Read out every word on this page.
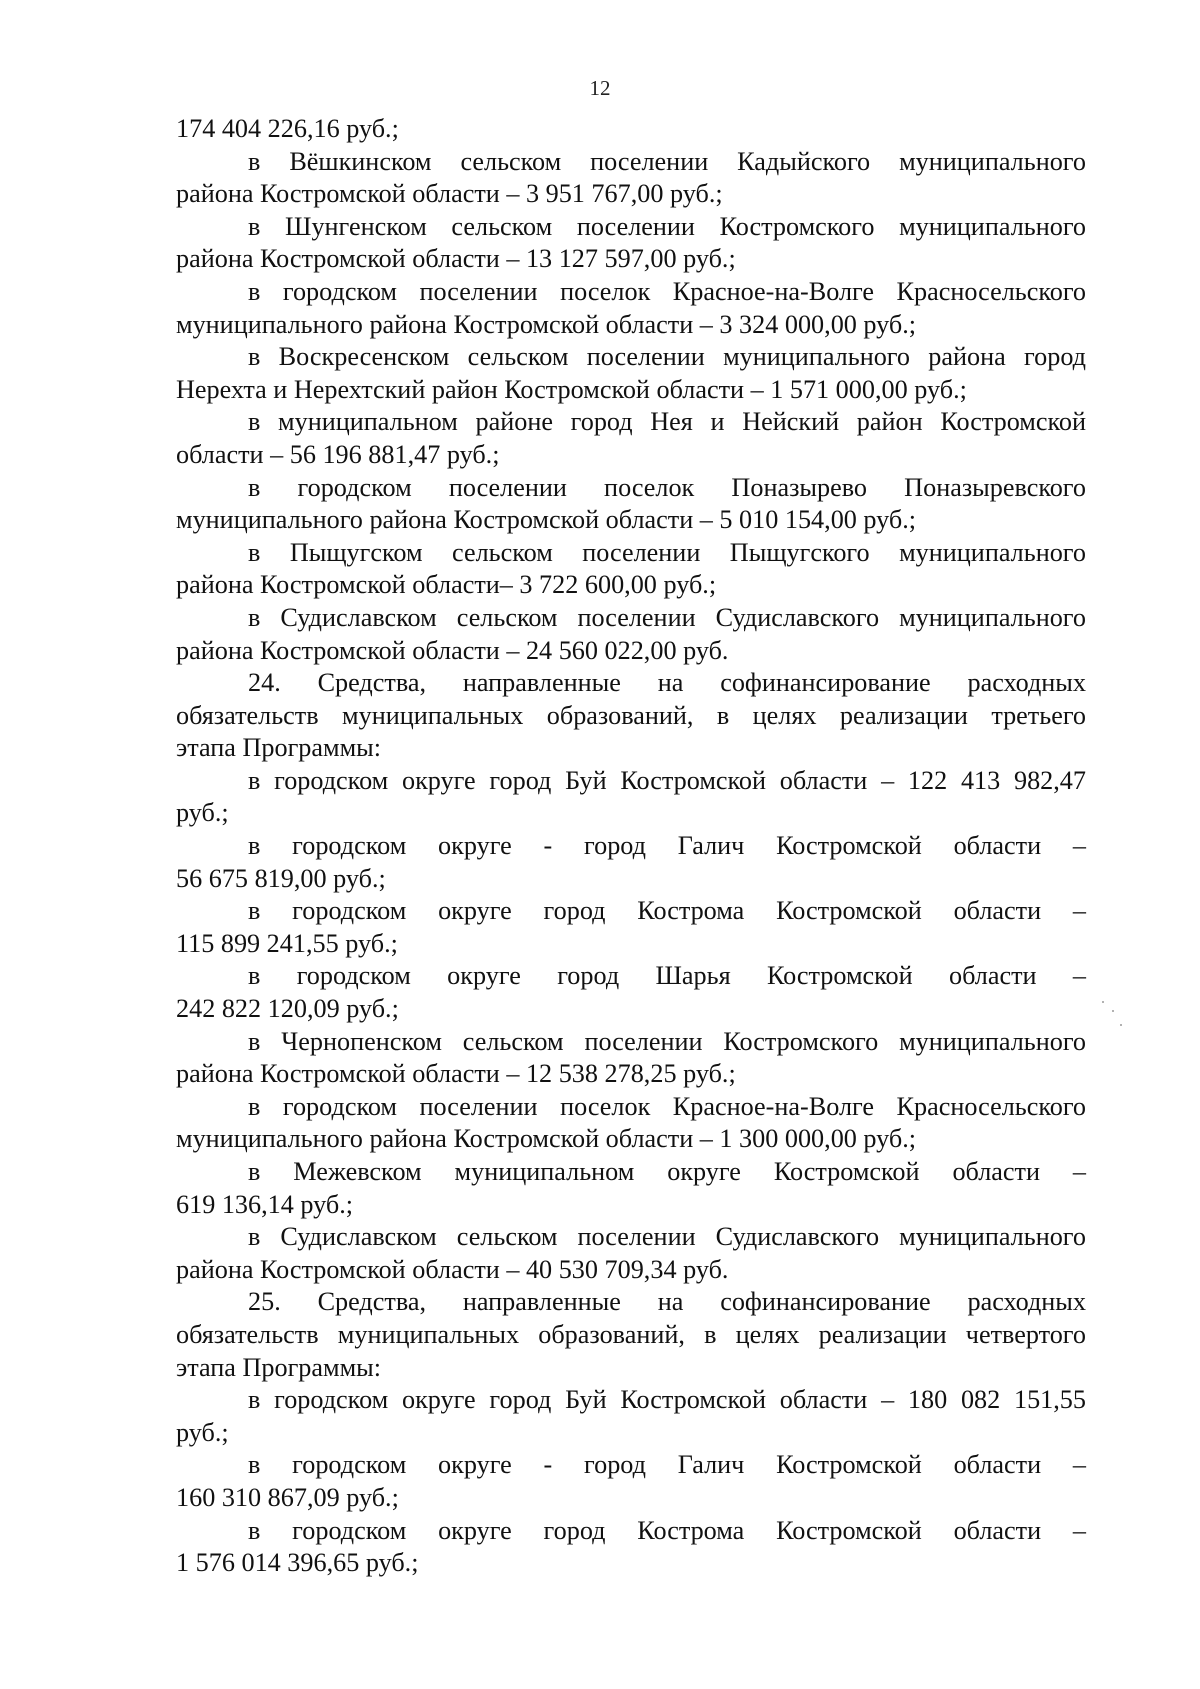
12
174 404 226,16 руб.;
в Вёшкинском сельском поселении Кадыйского муниципального
района Костромской области – 3 951 767,00 руб.;
в Шунгенском сельском поселении Костромского муниципального
района Костромской области – 13 127 597,00 руб.;
в городском поселении поселок Красное-на-Волге Красносельского
муниципального района Костромской области – 3 324 000,00 руб.;
в Воскресенском сельском поселении муниципального района город
Нерехта и Нерехтский район Костромской области – 1 571 000,00 руб.;
в муниципальном районе город Нея и Нейский район Костромской
области – 56 196 881,47 руб.;
в городском поселении поселок Поназырево Поназыревского
муниципального района Костромской области – 5 010 154,00 руб.;
в Пыщугском сельском поселении Пыщугского муниципального
района Костромской области– 3 722 600,00 руб.;
в Судиславском сельском поселении Судиславского муниципального
района Костромской области – 24 560 022,00 руб.
24. Средства, направленные на софинансирование расходных
обязательств муниципальных образований, в целях реализации третьего
этапа Программы:
в городском округе город Буй Костромской области – 122 413 982,47
руб.;
в городском округе - город Галич Костромской области –
56 675 819,00 руб.;
в городском округе город Кострома Костромской области –
115 899 241,55 руб.;
в городском округе город Шарья Костромской области –
242 822 120,09 руб.;
в Чернопенском сельском поселении Костромского муниципального
района Костромской области – 12 538 278,25 руб.;
в городском поселении поселок Красное-на-Волге Красносельского
муниципального района Костромской области – 1 300 000,00 руб.;
в Межевском муниципальном округе Костромской области –
619 136,14 руб.;
в Судиславском сельском поселении Судиславского муниципального
района Костромской области – 40 530 709,34 руб.
25. Средства, направленные на софинансирование расходных
обязательств муниципальных образований, в целях реализации четвертого
этапа Программы:
в городском округе город Буй Костромской области – 180 082 151,55
руб.;
в городском округе - город Галич Костромской области –
160 310 867,09 руб.;
в городском округе город Кострома Костромской области –
1 576 014 396,65 руб.;
